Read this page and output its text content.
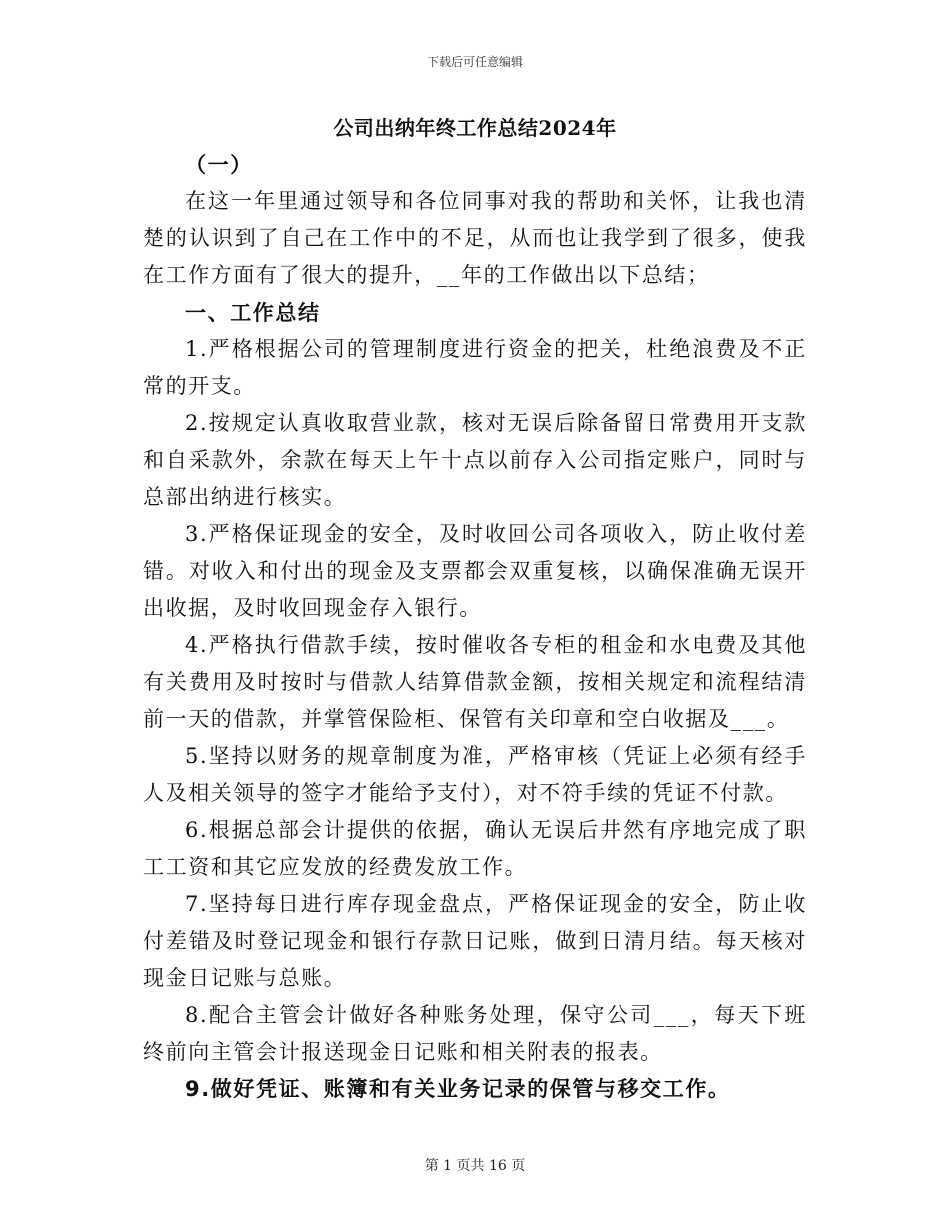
下载后可任意编辑
公司出纳年终工作总结2024年

（一）

在这一年里通过领导和各位同事对我的帮助和关怀，让我也清楚的认识到了自己在工作中的不足，从而也让我学到了很多，使我在工作方面有了很大的提升，__年的工作做出以下总结；

一、工作总结

1.严格根据公司的管理制度进行资金的把关，杜绝浪费及不正常的开支。

2.按规定认真收取营业款，核对无误后除备留日常费用开支款和自采款外，余款在每天上午十点以前存入公司指定账户，同时与总部出纳进行核实。

3.严格保证现金的安全，及时收回公司各项收入，防止收付差错。对收入和付出的现金及支票都会双重复核，以确保准确无误开出收据，及时收回现金存入银行。

4.严格执行借款手续，按时催收各专柜的租金和水电费及其他有关费用及时按时与借款人结算借款金额，按相关规定和流程结清前一天的借款，并掌管保险柜、保管有关印章和空白收据及___。

5.坚持以财务的规章制度为准，严格审核（凭证上必须有经手人及相关领导的签字才能给予支付），对不符手续的凭证不付款。

6.根据总部会计提供的依据，确认无误后井然有序地完成了职工工资和其它应发放的经费发放工作。

7.坚持每日进行库存现金盘点，严格保证现金的安全，防止收付差错及时登记现金和银行存款日记账，做到日清月结。每天核对现金日记账与总账。

8.配合主管会计做好各种账务处理，保守公司___，每天下班终前向主管会计报送现金日记账和相关附表的报表。

9.做好凭证、账簿和有关业务记录的保管与移交工作。

第 1 页共 16 页
